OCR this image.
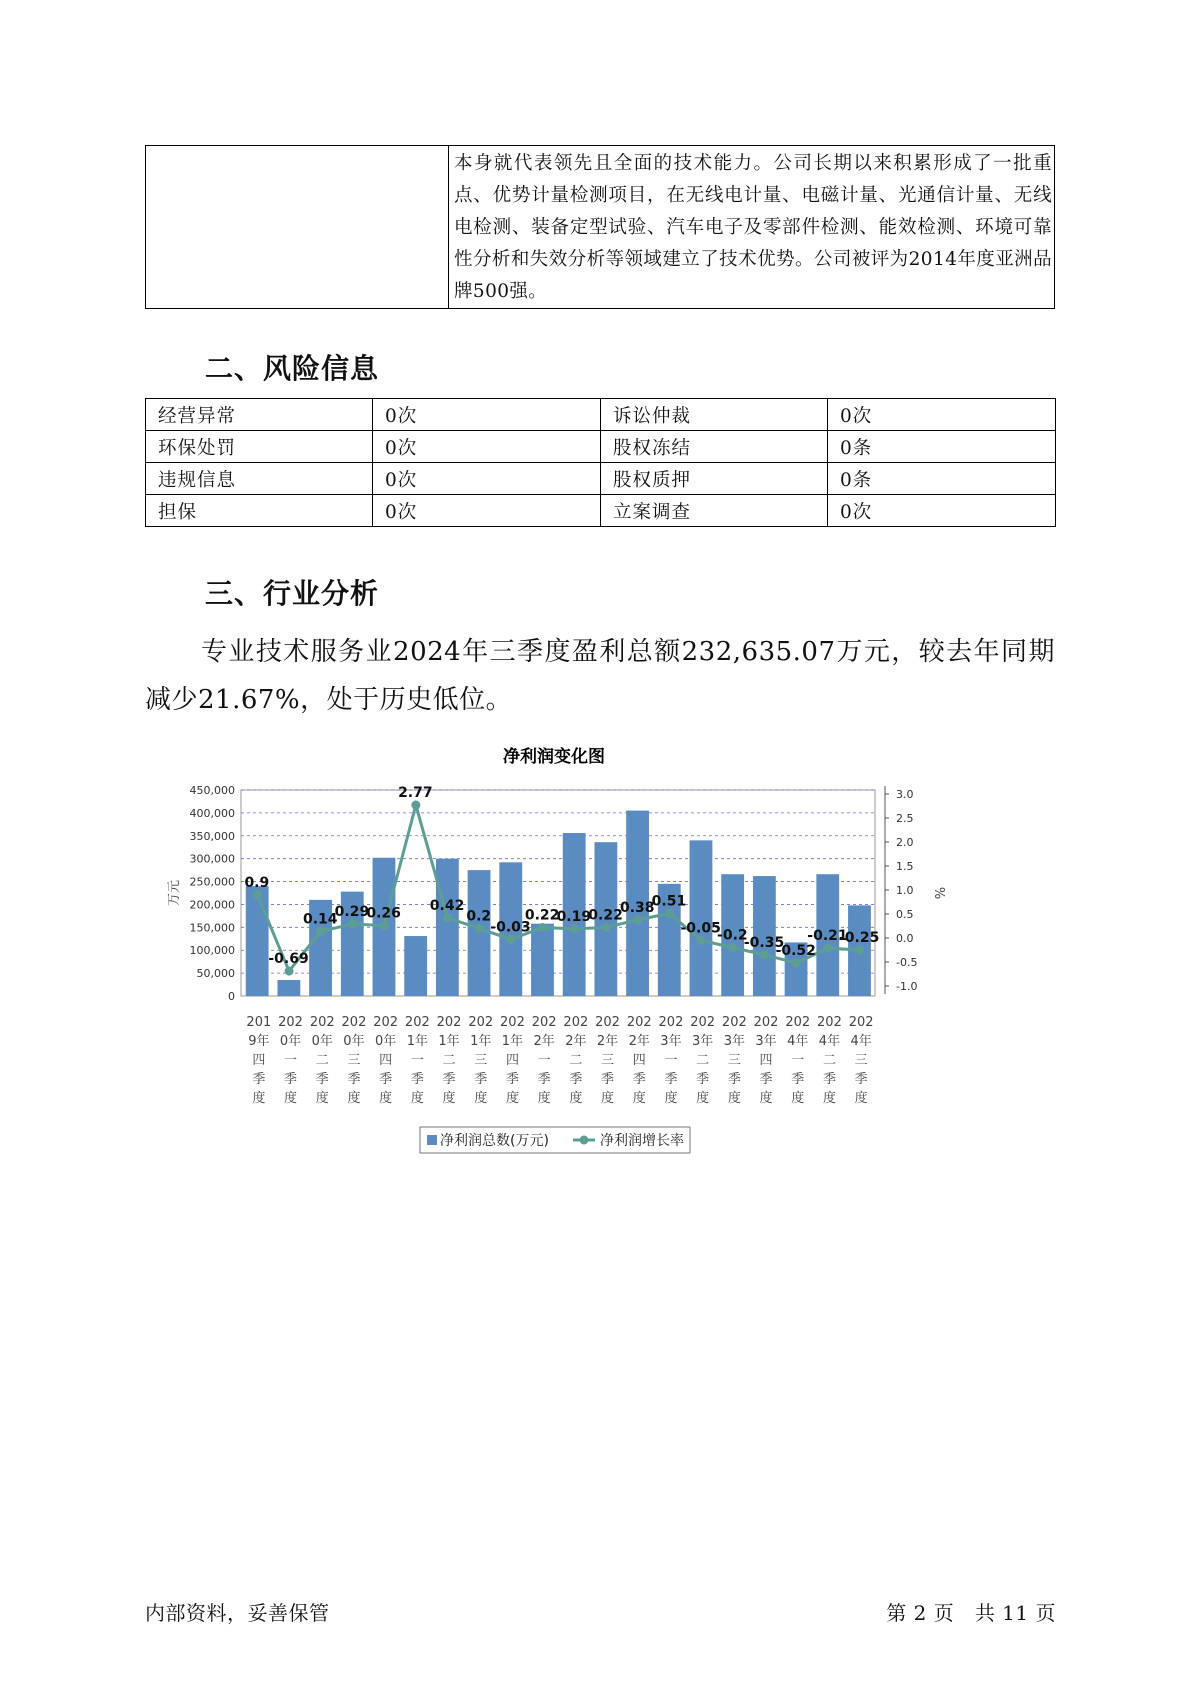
本身就代表领先且全面的技术能力。公司长期以来积累形成了一批重点、优势计量检测项目，在无线电计量、电磁计量、光通信计量、无线电检测、装备定型试验、汽车电子及零部件检测、能效检测、环境可靠性分析和失效分析等领域建立了技术优势。公司被评为2014年度亚洲品牌500强。
二、风险信息
经营异常	0次	诉讼仲裁	0次
环保处罚	0次	股权冻结	0条
违规信息	0次	股权质押	0条
担保	0次	立案调查	0次
三、行业分析

专业技术服务业2024年三季度盈利总额232,635.07万元，较去年同期减少21.67%，处于历史低位。

净利润变化图
450,000
400,000
350,000
300,000
250,000
200,000
150,000
100,000
50,000
0
3.0
2.5
2.0
1.5
1.0
0.5
0.0
-0.5
-1.0
万元	%
0.9
-0.69
0.14
0.29
0.26
2.77
0.42
0.2
-0.03
0.22
0.19
0.22
0.38
0.51
-0.05
-0.2
-0.35
-0.52
-0.21
-0.25
201
9年
四
季
度
202
0年
一
季
度
202
0年
二
季
度
202
0年
三
季
度
202
0年
四
季
度
202
1年
一
季
度
202
1年
二
季
度
202
1年
三
季
度
202
1年
四
季
度
202
2年
一
季
度
202
2年
二
季
度
202
2年
三
季
度
202
2年
四
季
度
202
3年
一
季
度
202
3年
二
季
度
202
3年
三
季
度
202
3年
四
季
度
202
4年
一
季
度
202
4年
二
季
度
202
4年
三
季
度
净利润总数(万元)	净利润增长率
内部资料，妥善保管	第 2 页   共 11 页
